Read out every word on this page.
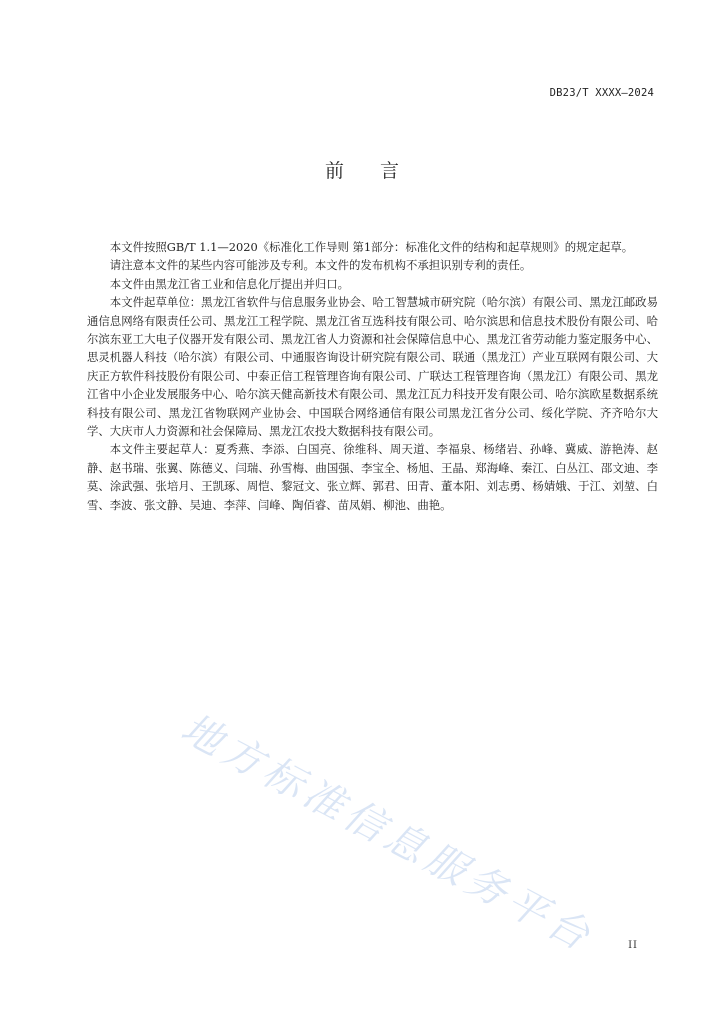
DB23/T XXXX—2024
前言

本文件按照GB/T 1.1—2020《标准化工作导则 第1部分：标准化文件的结构和起草规则》的规定起草。

请注意本文件的某些内容可能涉及专利。本文件的发布机构不承担识别专利的责任。

本文件由黑龙江省工业和信息化厅提出并归口。

本文件起草单位：黑龙江省软件与信息服务业协会、哈工智慧城市研究院（哈尔滨）有限公司、黑龙江邮政易通信息网络有限责任公司、黑龙江工程学院、黑龙江省互选科技有限公司、哈尔滨思和信息技术股份有限公司、哈尔滨东亚工大电子仪器开发有限公司、黑龙江省人力资源和社会保障信息中心、黑龙江省劳动能力鉴定服务中心、思灵机器人科技（哈尔滨）有限公司、中通服咨询设计研究院有限公司、联通（黑龙江）产业互联网有限公司、大庆正方软件科技股份有限公司、中泰正信工程管理咨询有限公司、广联达工程管理咨询（黑龙江）有限公司、黑龙江省中小企业发展服务中心、哈尔滨天健高新技术有限公司、黑龙江瓦力科技开发有限公司、哈尔滨欧星数据系统科技有限公司、黑龙江省物联网产业协会、中国联合网络通信有限公司黑龙江省分公司、绥化学院、齐齐哈尔大学、大庆市人力资源和社会保障局、黑龙江农投大数据科技有限公司。

本文件主要起草人：夏秀燕、李添、白国亮、徐维科、周天道、李福泉、杨绪岩、孙峰、冀威、游艳涛、赵静、赵书瑞、张翼、陈德义、闫瑞、孙雪梅、曲国强、李宝全、杨旭、王晶、郑海峰、秦江、白丛江、邵文迪、李莫、涂武强、张培月、王凯琢、周恺、黎冠文、张立辉、郭君、田青、董本阳、刘志勇、杨婧娥、于江、刘堃、白雪、李波、张文静、吴迪、李萍、闫峰、陶佰睿、苗凤娟、柳池、曲艳。

地方标准信息服务平台	II
